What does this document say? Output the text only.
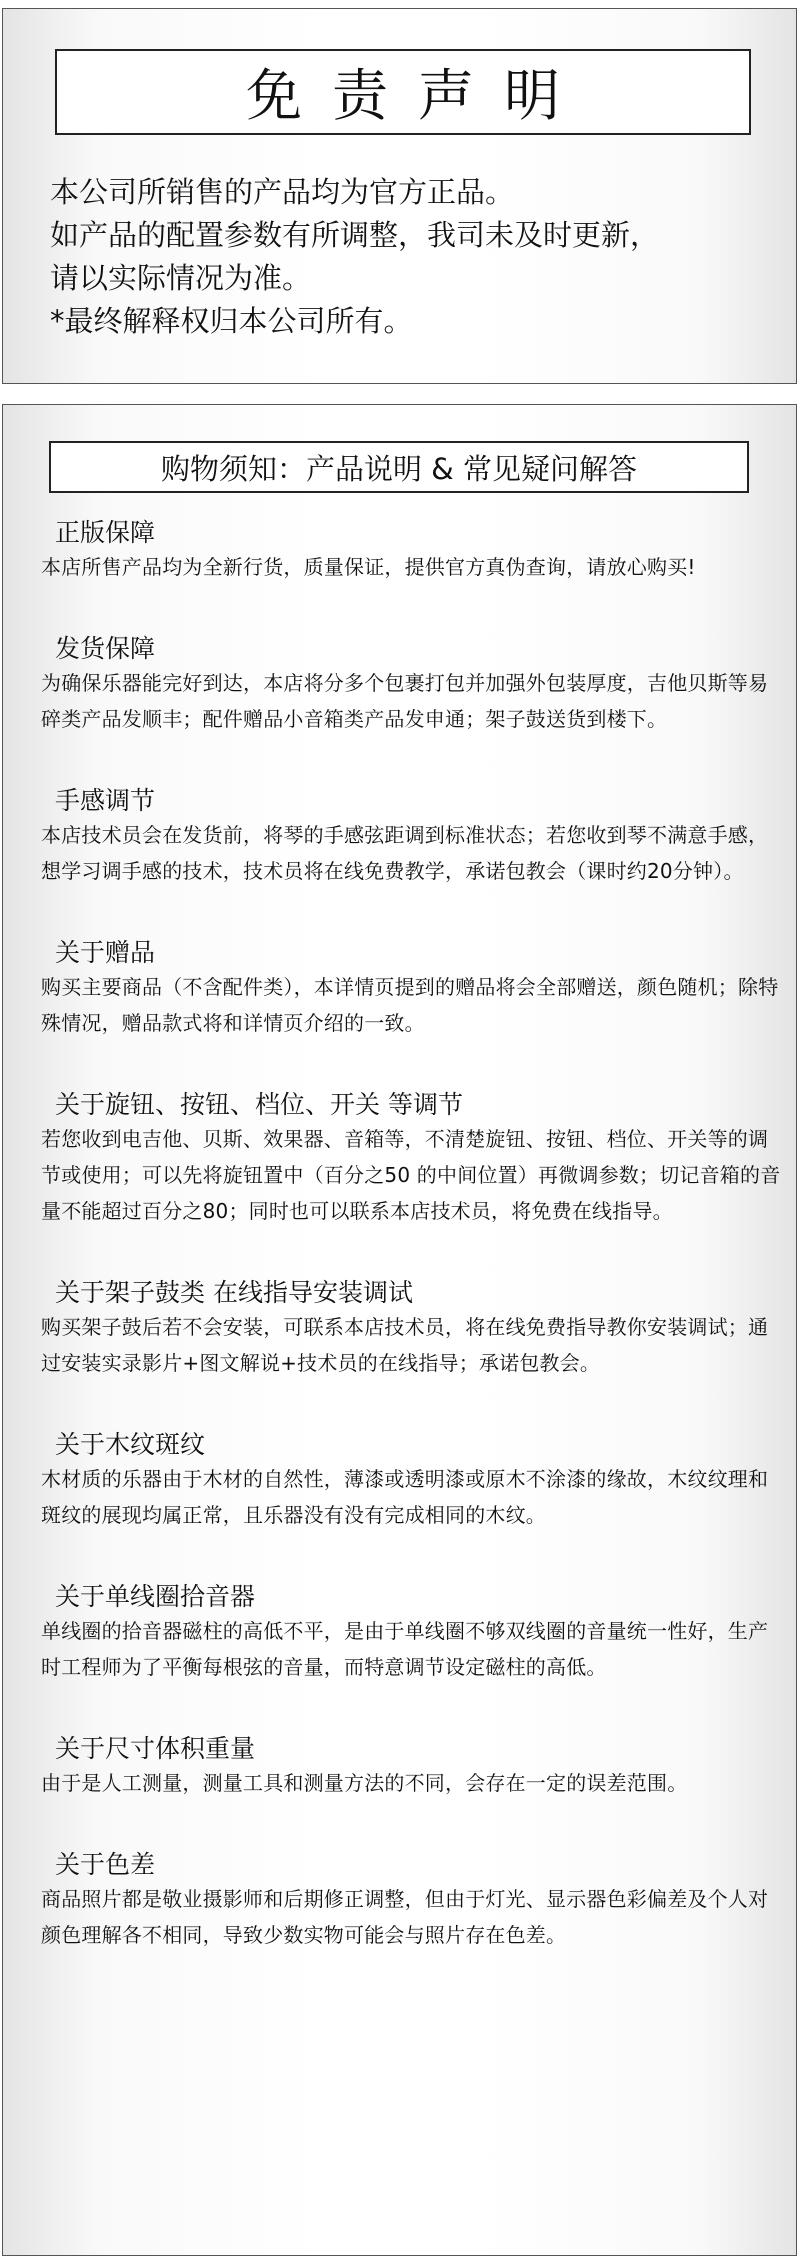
免责声明
本公司所销售的产品均为官方正品。
如产品的配置参数有所调整，我司未及时更新，
请以实际情况为准。
*最终解释权归本公司所有。
购物须知：产品说明 & 常见疑问解答
正版保障

本店所售产品均为全新行货，质量保证，提供官方真伪查询，请放心购买!

发货保障

为确保乐器能完好到达，本店将分多个包裹打包并加强外包装厚度，吉他贝斯等易碎类产品发顺丰；配件赠品小音箱类产品发申通；架子鼓送货到楼下。

手感调节

本店技术员会在发货前，将琴的手感弦距调到标准状态；若您收到琴不满意手感，想学习调手感的技术，技术员将在线免费教学，承诺包教会（课时约20分钟）。

关于赠品

购买主要商品（不含配件类），本详情页提到的赠品将会全部赠送，颜色随机；除特殊情况，赠品款式将和详情页介绍的一致。

关于旋钮、按钮、档位、开关 等调节

若您收到电吉他、贝斯、效果器、音箱等，不清楚旋钮、按钮、档位、开关等的调节或使用；可以先将旋钮置中（百分之50 的中间位置）再微调参数；切记音箱的音量不能超过百分之80；同时也可以联系本店技术员，将免费在线指导。

关于架子鼓类 在线指导安装调试

购买架子鼓后若不会安装，可联系本店技术员，将在线免费指导教你安装调试；通过安装实录影片+图文解说+技术员的在线指导；承诺包教会。

关于木纹斑纹

木材质的乐器由于木材的自然性，薄漆或透明漆或原木不涂漆的缘故，木纹纹理和斑纹的展现均属正常，且乐器没有没有完成相同的木纹。

关于单线圈拾音器

单线圈的拾音器磁柱的高低不平，是由于单线圈不够双线圈的音量统一性好，生产时工程师为了平衡每根弦的音量，而特意调节设定磁柱的高低。

关于尺寸体积重量

由于是人工测量，测量工具和测量方法的不同，会存在一定的误差范围。

关于色差

商品照片都是敬业摄影师和后期修正调整，但由于灯光、显示器色彩偏差及个人对颜色理解各不相同，导致少数实物可能会与照片存在色差。
